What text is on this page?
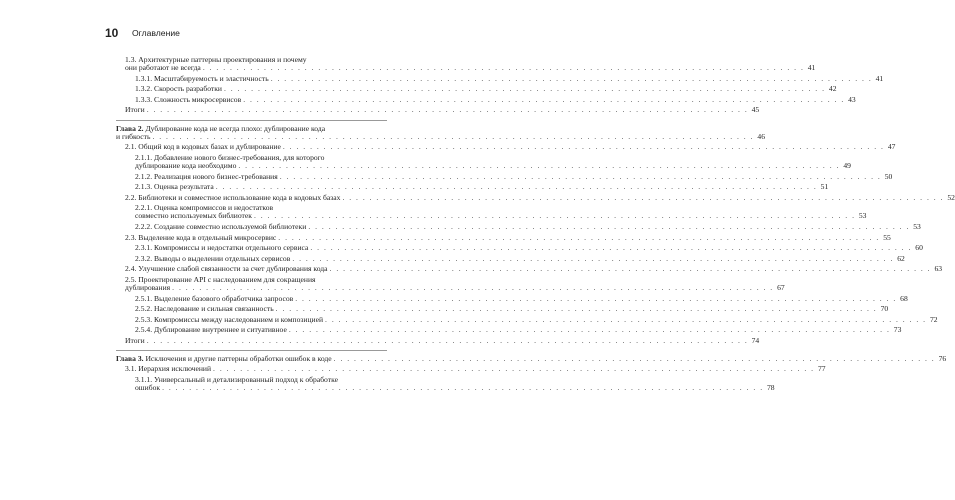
10 Оглавление
1.3. Архитектурные паттерны проектирования и почему
они работают не всегда . . .	41
1.3.1. Масштабируемость и эластичность . . .	41
1.3.2. Скорость разработки . . .	42
1.3.3. Сложность микросервисов . . .	43
Итоги . . .	45
Глава 2. Дублирование кода не всегда плохо: дублирование кода
и гибкость . . .	46
2.1. Общий код в кодовых базах и дублирование . . .	47
2.1.1. Добавление нового бизнес-требования, для которого
дублирование кода необходимо . . .	49
2.1.2. Реализация нового бизнес-требования . . .	50
2.1.3. Оценка результата . . .	51
2.2. Библиотеки и совместное использование кода в кодовых базах . . .	52
2.2.1. Оценка компромиссов и недостатков
совместно используемых библиотек . . .	53
2.2.2. Создание совместно используемой библиотеки . . .	53
2.3. Выделение кода в отдельный микросервис . . .	55
2.3.1. Компромиссы и недостатки отдельного сервиса . . .	60
2.3.2. Выводы о выделении отдельных сервисов . . .	62
2.4. Улучшение слабой связанности за счет дублирования кода . . .	63
2.5. Проектирование API с наследованием для сокращения
дублирования . . .	67
2.5.1. Выделение базового обработчика запросов . . .	68
2.5.2. Наследование и сильная связанность . . .	70
2.5.3. Компромиссы между наследованием и композицией . . .	72
2.5.4. Дублирование внутреннее и ситуативное . . .	73
Итоги . . .	74
Глава 3. Исключения и другие паттерны обработки ошибок в коде . . .	76
3.1. Иерархия исключений . . .	77
3.1.1. Универсальный и детализированный подход к обработке
ошибок . . .	78
